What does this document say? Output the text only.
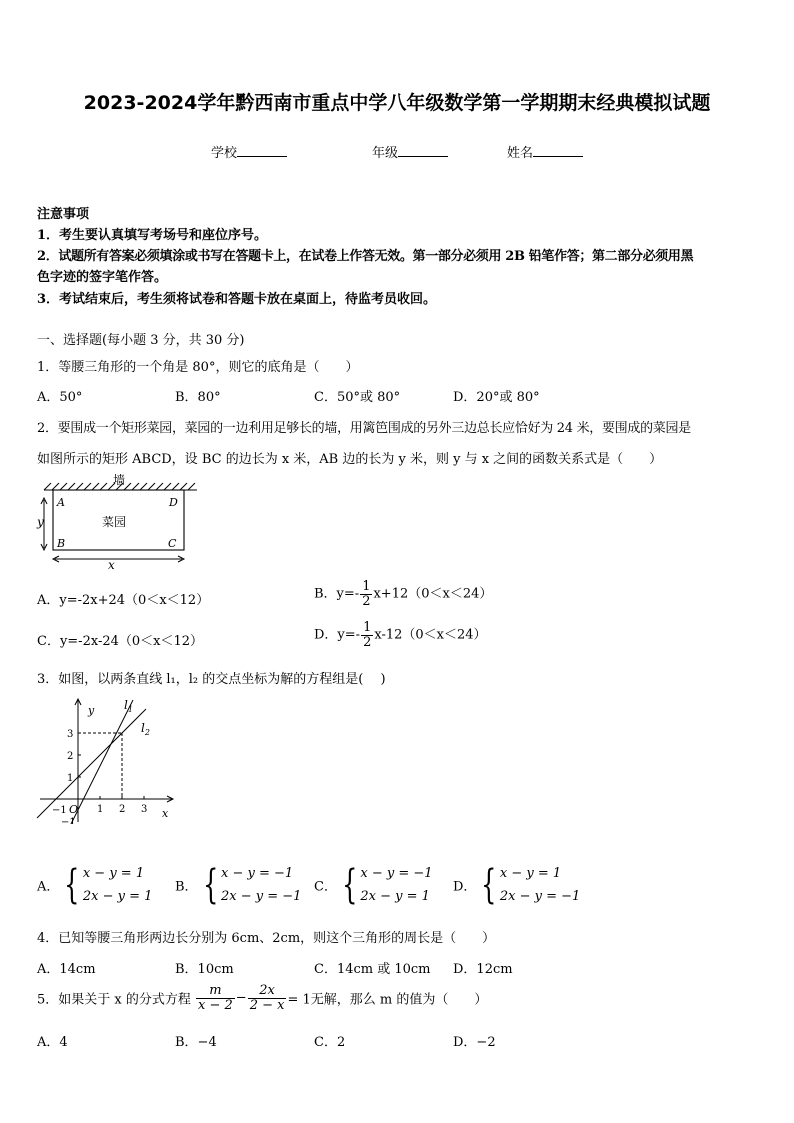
2023-2024学年黔西南市重点中学八年级数学第一学期期末经典模拟试题
学校	年级	姓名
注意事项
1．考生要认真填写考场号和座位序号。
2．试题所有答案必须填涂或书写在答题卡上，在试卷上作答无效。第一部分必须用 2B 铅笔作答；第二部分必须用黑
色字迹的签字笔作答。
3．考试结束后，考生须将试卷和答题卡放在桌面上，待监考员收回。
一、选择题(每小题 3 分，共 30 分)
1．等腰三角形的一个角是 80°，则它的底角是（　　）
A．50°	B．80°	C．50°或 80°	D．20°或 80°
2．要围成一个矩形菜园，菜园的一边利用足够长的墙，用篱笆围成的另外三边总长应恰好为 24 米，要围成的菜园是
如图所示的矩形 ABCD，设 BC 的边长为 x 米，AB 边的长为 y 米，则 y 与 x 之间的函数关系式是（　　）
墙
菜园
A	D
B	C
y
x
A．y=-2x+24（0＜x＜12）	B．$y=- \frac{1}{2} x+12(0<x<24)$
C．y=-2x-24（0＜x＜12）	D．$y=- \frac{1}{2} x-12(0<x<24)$
3．如图，以两条直线 l₁，l₂ 的交点坐标为解的方程组是(　 )
y
x
O
$l_1$
$l_2$
3
2
1
−1
1 2 3
−1
A． { x − y = 1
2x − y = 1
B． { x − y = −1
2x − y = −1
C． { x − y = −1
2x − y = 1
D． { x − y = 1
2x − y = −1
4．已知等腰三角形两边长分别为 6cm、2cm，则这个三角形的周长是（　　）
A．14cm	B．10cm	C．14cm 或 10cm D．12cm
5．如果关于 x 的分式方程 $\frac{m}{x - 2} - \frac{2x}{2 - x} = 1$无解，那么 m 的值为（　　）
A．4	B．−4	C．2	D．−2
